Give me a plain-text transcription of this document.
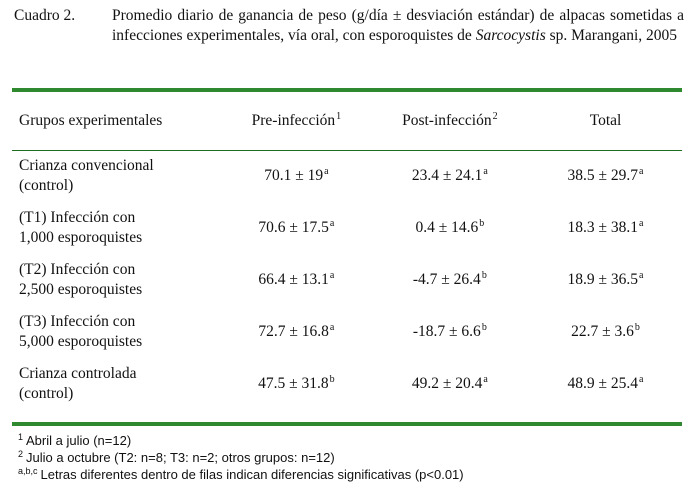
Cuadro 2. Promedio diario de ganancia de peso (g/día ± desviación estándar) de alpacas sometidas a infecciones experimentales, vía oral, con esporoquistes de Sarcocystis sp. Marangani, 2005
Grupos experimentales	Pre-infección$^1$	Post-infección$^2$	Total
Crianza convencional
(control)	$70.1 \pm 19^a$	23.4 ± 24.1$^a$	38.5 ± 29.7$^a$
(T1) Infección con
1,000 esporoquistes	70.6 ± 17.5$^a$	0.4 ± 14.6$^b$	18.3 ± 38.1$^a$
(T2) Infección con
2,500 esporoquistes	66.4 ± 13.1$^a$	-4.7 ± 26.4$^b$	18.9 ± 36.5$^a$
(T3) Infección con
5,000 esporoquistes	72.7 ± 16.8$^a$	-18.7 ± 6.6$^b$	22.7 ± 3.6$^b$
Crianza controlada
(control)	47.5 ± 31.8$^b$	49.2 ± 20.4$^a$	48.9 ± 25.4$^a$
$^1$ Abril a julio (n=12)
$^2$ Julio a octubre (T2: n=8; T3: n=2; otros grupos: n=12)
$^{a,b,c}$ Letras diferentes dentro de filas indican diferencias significativas (p<0.01)
